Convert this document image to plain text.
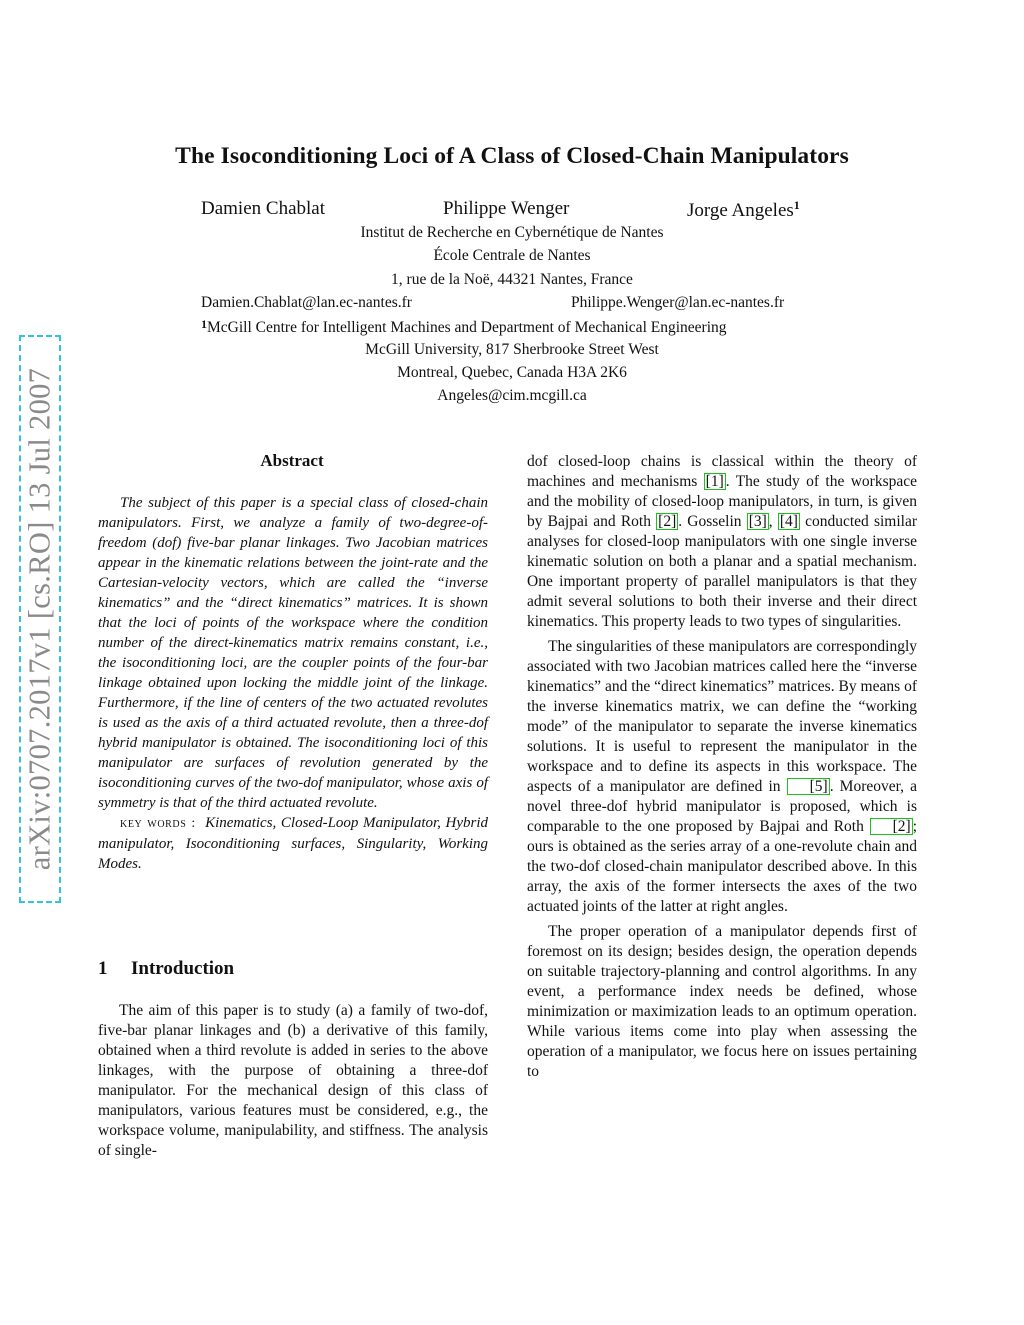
arXiv:0707.2017v1 [cs.RO] 13 Jul 2007
The Isoconditioning Loci of A Class of Closed-Chain Manipulators
Damien Chablat	Philippe Wenger	Jorge Angeles$^1$
Institut de Recherche en Cybernétique de Nantes
École Centrale de Nantes
1, rue de la Noë, 44321 Nantes, France
Damien.Chablat@lan.ec-nantes.fr	Philippe.Wenger@lan.ec-nantes.fr
$^1$McGill Centre for Intelligent Machines and Department of Mechanical Engineering
McGill University, 817 Sherbrooke Street West
Montreal, Quebec, Canada H3A 2K6
Angeles@cim.mcgill.ca
Abstract

The subject of this paper is a special class of closed-chain manipulators. First, we analyze a family of two-degree-of-freedom (dof) five-bar planar linkages. Two Jacobian matrices appear in the kinematic relations between the joint-rate and the Cartesian-velocity vectors, which are called the “inverse kinematics” and the “direct kinematics” matrices. It is shown that the loci of points of the workspace where the condition number of the direct-kinematics matrix remains constant, i.e., the isoconditioning loci, are the coupler points of the four-bar linkage obtained upon locking the middle joint of the linkage. Furthermore, if the line of centers of the two actuated revolutes is used as the axis of a third actuated revolute, then a three-dof hybrid manipulator is obtained. The isoconditioning loci of this manipulator are surfaces of revolution generated by the isoconditioning curves of the two-dof manipulator, whose axis of symmetry is that of the third actuated revolute.

key words : Kinematics, Closed-Loop Manipulator, Hybrid manipulator, Isoconditioning surfaces, Singularity, Working Modes.

1 Introduction

The aim of this paper is to study (a) a family of two-dof, five-bar planar linkages and (b) a derivative of this family, obtained when a third revolute is added in series to the above linkages, with the purpose of obtaining a three-dof manipulator. For the mechanical design of this class of manipulators, various features must be considered, e.g., the workspace volume, manipulability, and stiffness. The analysis of single-

dof closed-loop chains is classical within the theory of machines and mechanisms [1] . The study of the workspace and the mobility of closed-loop manipulators, in turn, is given by Bajpai and Roth [2] . Gosselin [3] , [4] conducted similar analyses for closed-loop manipulators with one single inverse kinematic solution on both a planar and a spatial mechanism. One important property of parallel manipulators is that they admit several solutions to both their inverse and their direct kinematics. This property leads to two types of singularities.

The singularities of these manipulators are correspondingly associated with two Jacobian matrices called here the “inverse kinematics” and the “direct kinematics” matrices. By means of the inverse kinematics matrix, we can define the “working mode” of the manipulator to separate the inverse kinematics solutions. It is useful to represent the manipulator in the workspace and to define its aspects in this workspace. The aspects of a manipulator are defined in [5] . Moreover, a novel three-dof hybrid manipulator is proposed, which is comparable to the one proposed by Bajpai and Roth [2] ; ours is obtained as the series array of a one-revolute chain and the two-dof closed-chain manipulator described above. In this array, the axis of the former intersects the axes of the two actuated joints of the latter at right angles.

The proper operation of a manipulator depends first of foremost on its design; besides design, the operation depends on suitable trajectory-planning and control algorithms. In any event, a performance index needs be defined, whose minimization or maximization leads to an optimum operation. While various items come into play when assessing the operation of a manipulator, we focus here on issues pertaining to
